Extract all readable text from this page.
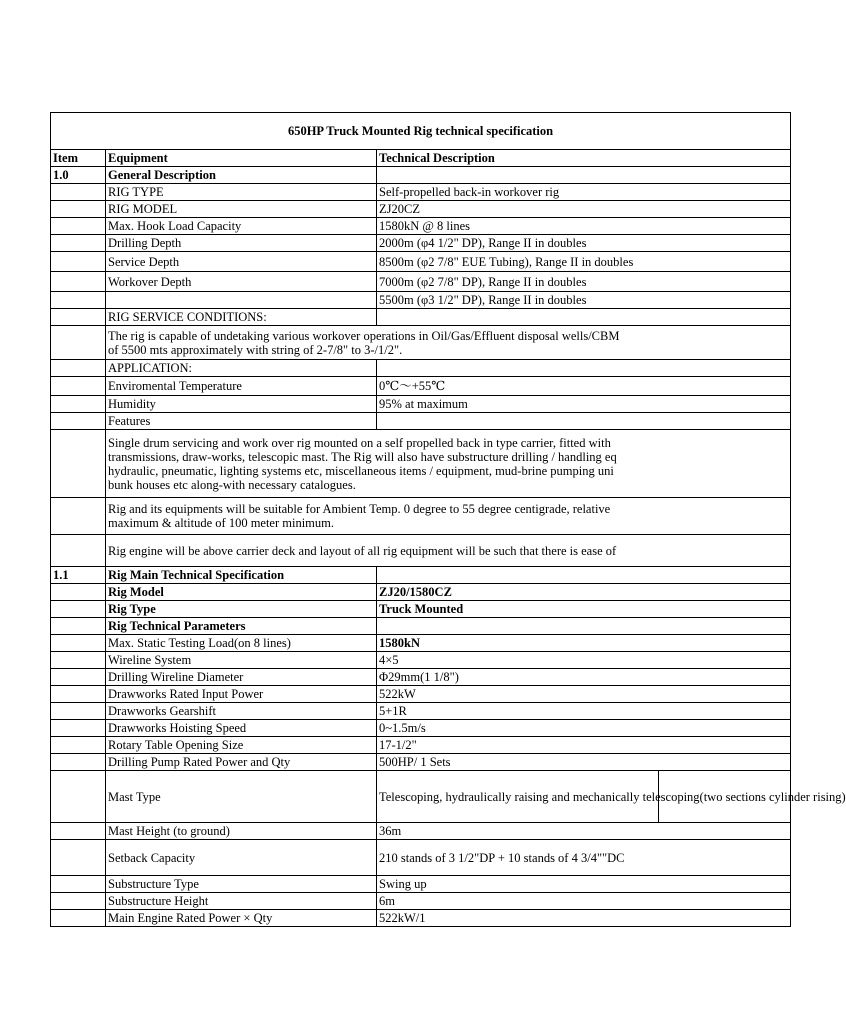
650HP Truck Mounted Rig technical specification			
Item	Equipment	Technical Description	
1.0	General Description		
	RIG TYPE	Self-propelled back-in workover rig	
	RIG MODEL	ZJ20CZ	
	Max. Hook Load Capacity	1580kN @ 8 lines	
	Drilling Depth	2000m (φ4 1/2" DP), Range II in doubles	
	Service Depth	8500m (φ2 7/8" EUE Tubing), Range II in doubles	
	Workover Depth	7000m (φ2 7/8" DP), Range II in doubles	
		5500m (φ3 1/2" DP), Range II in doubles	
	RIG SERVICE CONDITIONS:		

	The rig is capable of undetaking various workover operations in Oil/Gas/Effluent disposal wells/CBM
of 5500 mts approximately with string of 2-7/8" to 3-/1/2".		

	APPLICATION:		
	Enviromental Temperature	0℃～+55℃	
	Humidity	95% at maximum	
	Features		

	Single drum servicing and work over rig mounted on a self propelled back in type carrier, fitted with
transmissions, draw-works, telescopic mast. The Rig will also have substructure drilling / handling eq
hydraulic, pneumatic, lighting systems etc, miscellaneous items / equipment, mud-brine pumping uni
bunk houses etc along-with necessary catalogues.		

	Rig and its equipments will be suitable for Ambient Temp. 0 degree to 55 degree centigrade, relative
maximum & altitude of 100 meter minimum.		

	Rig engine will be above carrier deck and layout of all rig equipment will be such that there is ease of		
1.1	Rig Main Technical Specification		
	Rig Model	ZJ20/1580CZ	
	Rig Type	Truck Mounted	
	Rig Technical Parameters		
	Max. Static Testing Load(on 8 lines)	1580kN	
	Wireline System	4×5	
	Drilling Wireline Diameter	Φ29mm(1 1/8")	
	Drawworks Rated Input Power	522kW	
	Drawworks Gearshift	5+1R	
	Drawworks Hoisting Speed	0~1.5m/s	
	Rotary Table Opening Size	17-1/2"	
	Drilling Pump Rated Power and Qty	500HP/ 1 Sets	
	Mast Type	Telescoping, hydraulically raising and mechanically telescoping(two sections cylinder rising)	
	Mast Height (to ground)	36m	
	Setback Capacity	210 stands of 3 1/2"DP + 10 stands of 4 3/4""DC	
	Substructure Type	Swing up	
	Substructure Height	6m	
	Main Engine Rated Power × Qty	522kW/1	
